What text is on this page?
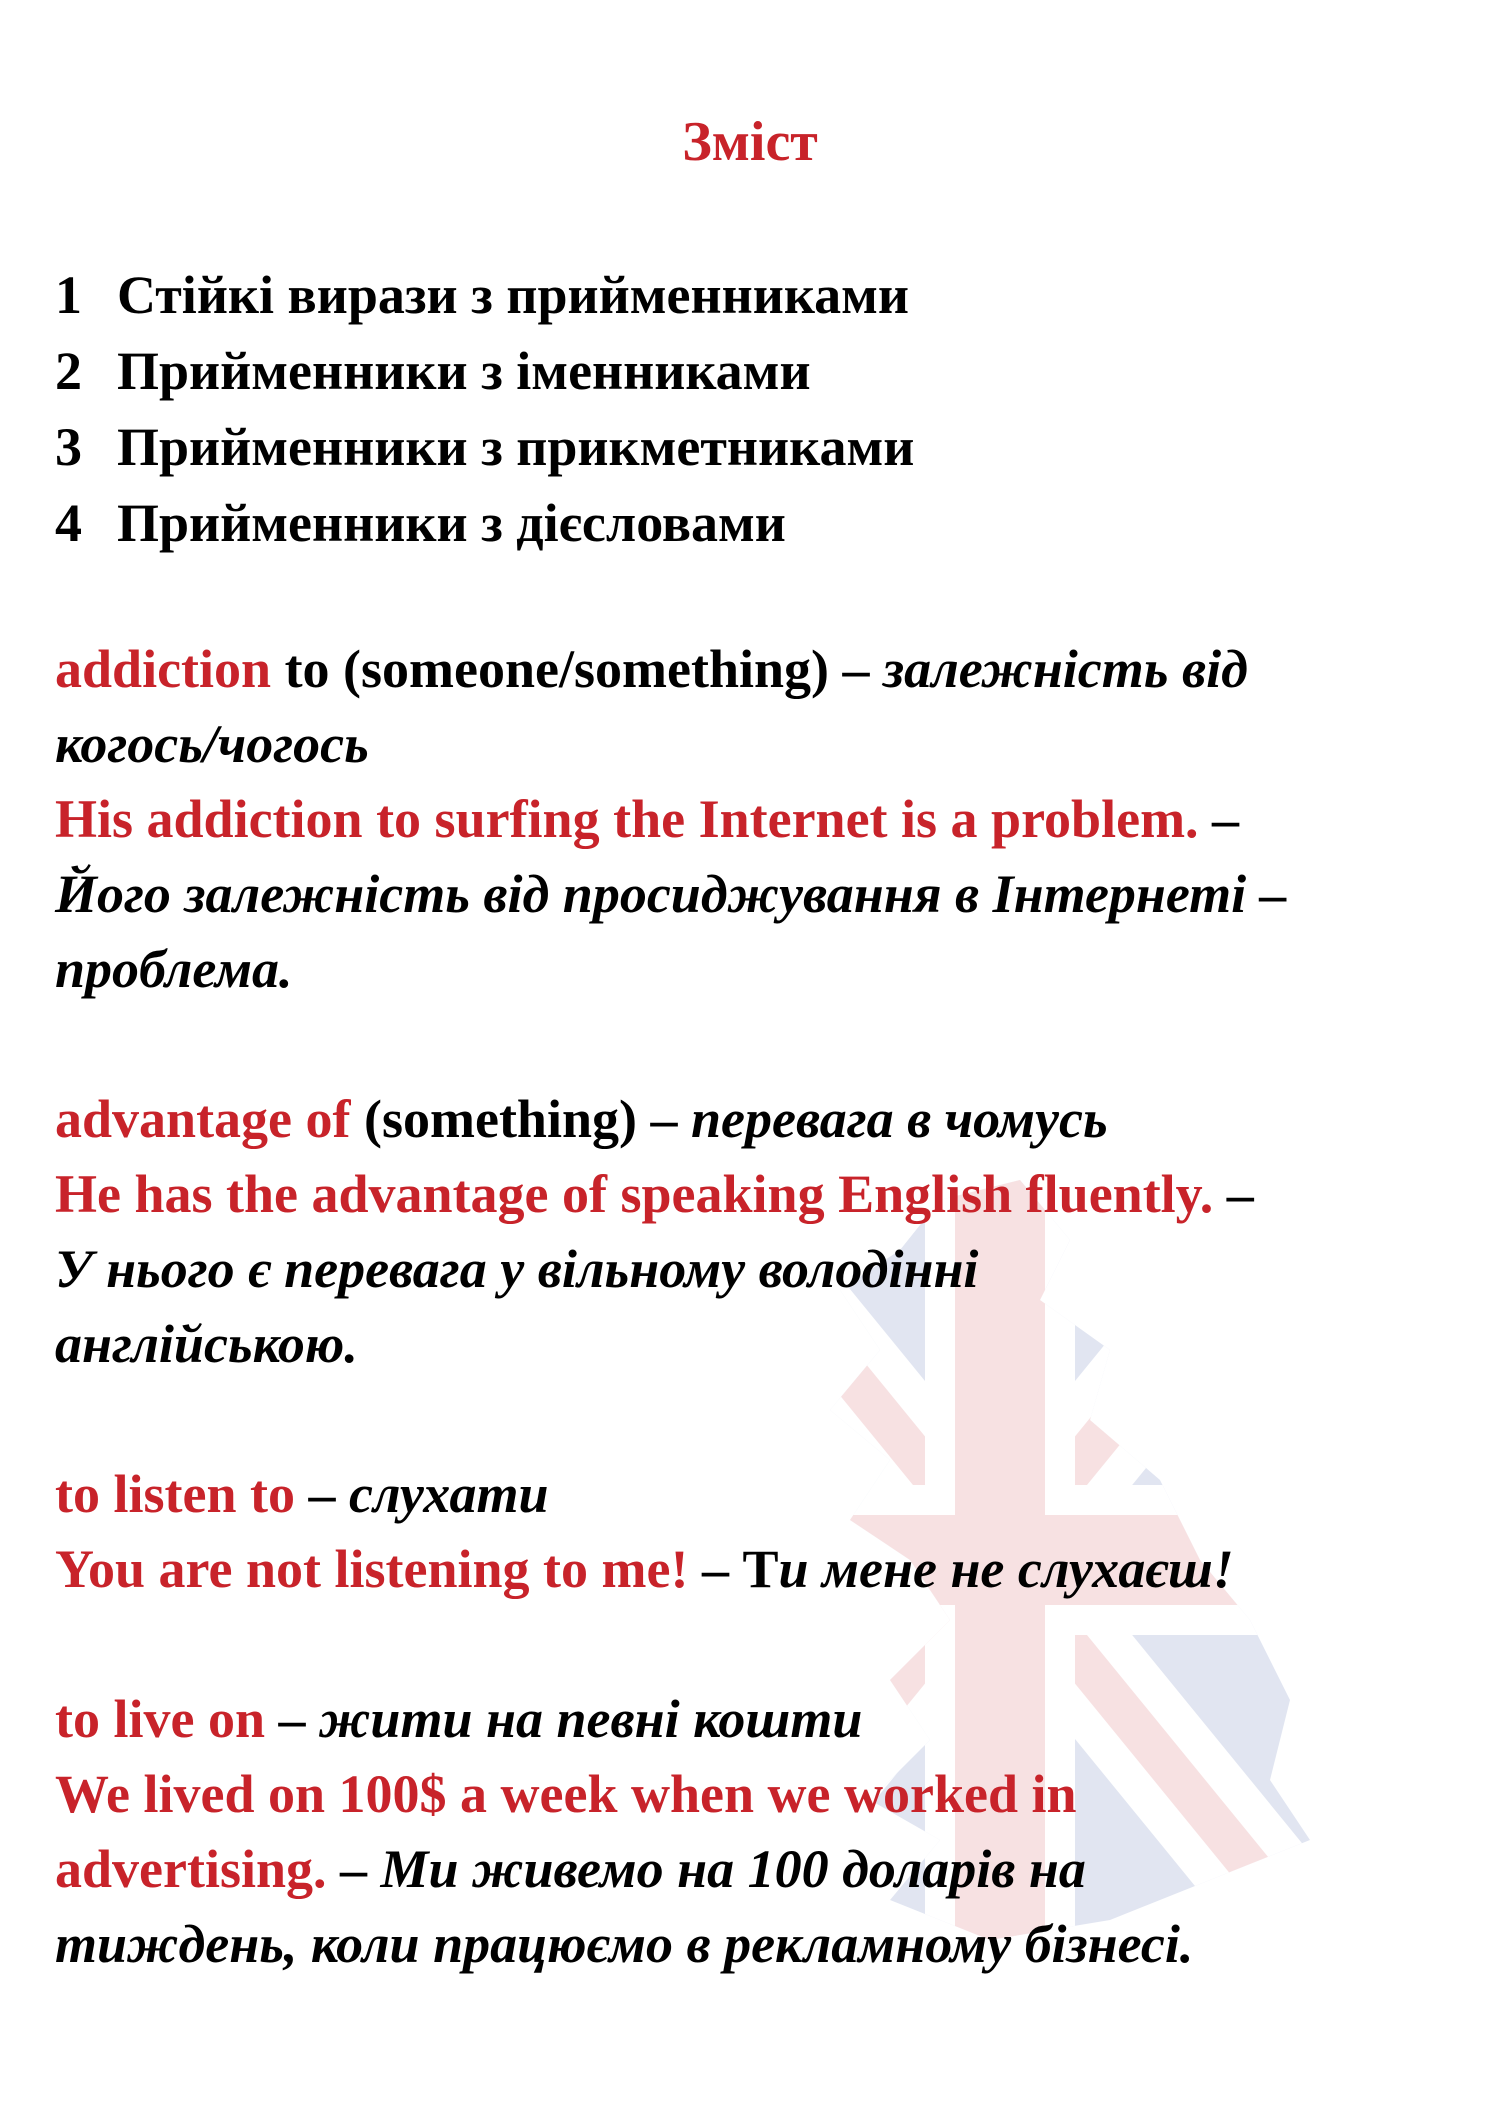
Зміст
1 Стійкі вирази з прийменниками
2 Прийменники з іменниками
3 Прийменники з прикметниками
4 Прийменники з дієсловами
addiction to (someone/something) – залежність від
когось/чогось
His addiction to surfing the Internet is a problem. –
Його залежність від просиджування в Інтернеті –
проблема.
advantage of (something) – перевага в чомусь
He has the advantage of speaking English fluently. –
У нього є перевага у вільному володінні
англійською.
to listen to – слухати
You are not listening to me! – Ти мене не слухаєш!
to live on – жити на певні кошти
We lived on 100$ a week when we worked in
advertising. – Ми живемо на 100 доларів на
тиждень, коли працюємо в рекламному бізнесі.
